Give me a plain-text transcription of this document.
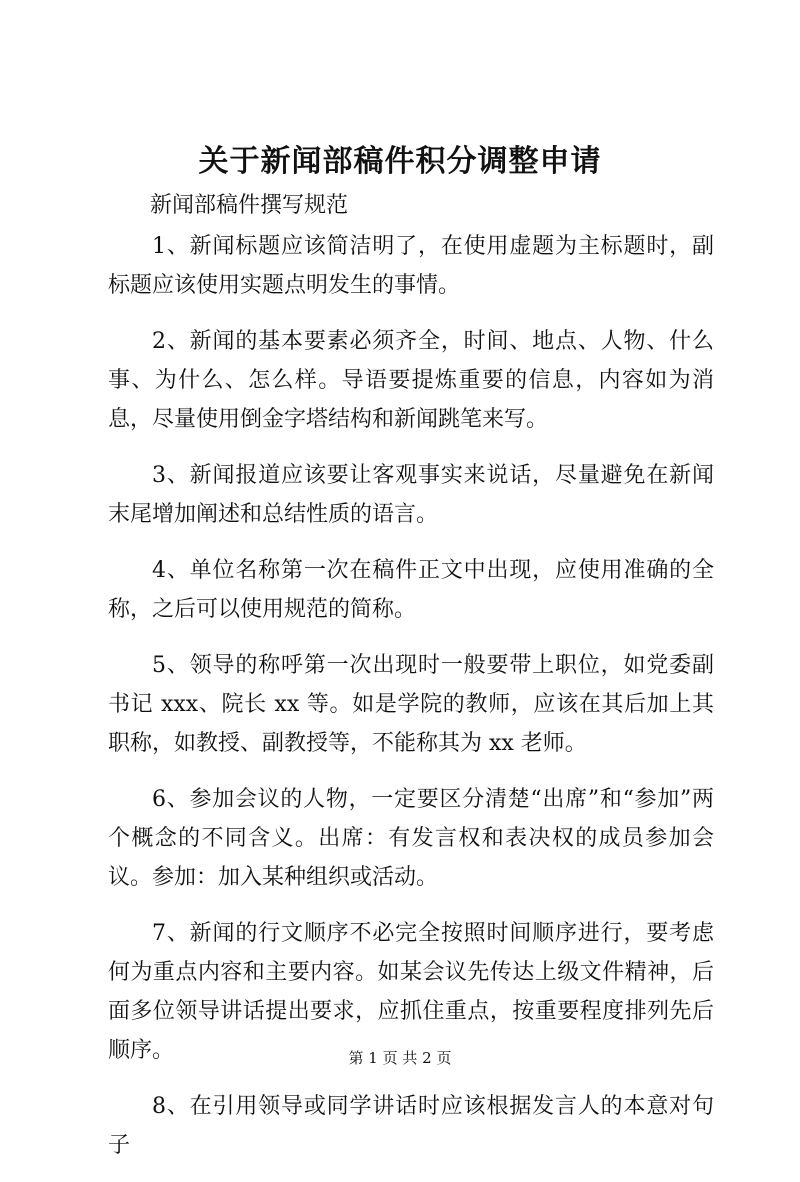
关于新闻部稿件积分调整申请
新闻部稿件撰写规范

1、新闻标题应该简洁明了，在使用虚题为主标题时，副标题应该使用实题点明发生的事情。

2、新闻的基本要素必须齐全，时间、地点、人物、什么事、为什么、怎么样。导语要提炼重要的信息，内容如为消息，尽量使用倒金字塔结构和新闻跳笔来写。

3、新闻报道应该要让客观事实来说话，尽量避免在新闻末尾增加阐述和总结性质的语言。

4、单位名称第一次在稿件正文中出现，应使用准确的全称，之后可以使用规范的简称。

5、领导的称呼第一次出现时一般要带上职位，如党委副书记 xxx、院长 xx 等。如是学院的教师，应该在其后加上其职称，如教授、副教授等，不能称其为 xx 老师。

6、参加会议的人物，一定要区分清楚“出席”和“参加”两个概念的不同含义。出席：有发言权和表决权的成员参加会议。参加：加入某种组织或活动。

7、新闻的行文顺序不必完全按照时间顺序进行，要考虑何为重点内容和主要内容。如某会议先传达上级文件精神，后面多位领导讲话提出要求，应抓住重点，按重要程度排列先后顺序。

8、在引用领导或同学讲话时应该根据发言人的本意对句子

第 1 页 共 2 页
